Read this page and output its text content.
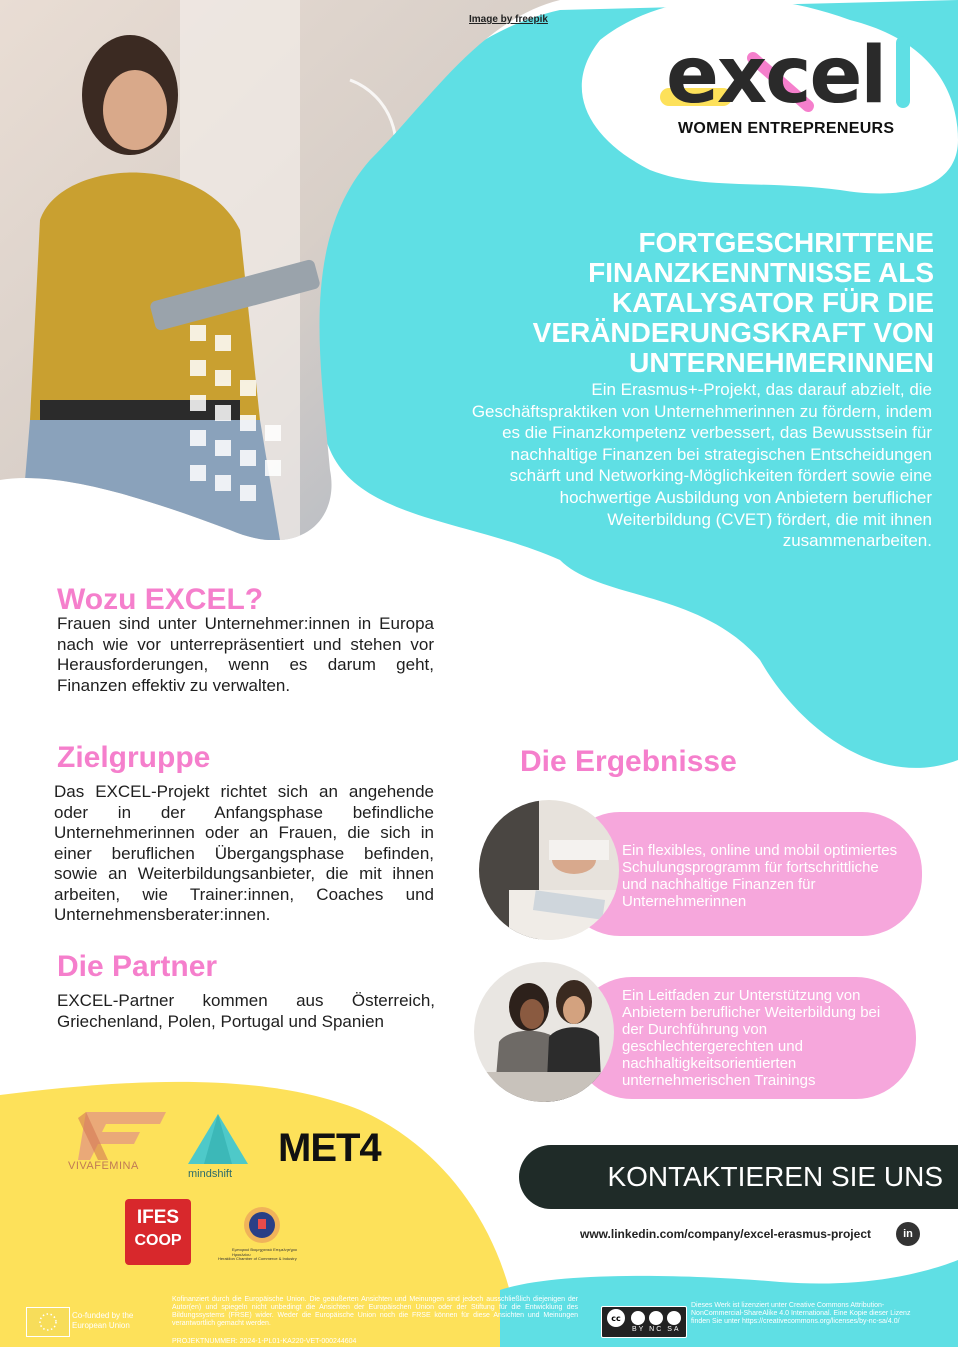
Image by freepik
excel
WOMEN ENTREPRENEURS
FORTGESCHRITTENE
FINANZKENNTNISSE ALS
KATALYSATOR FÜR DIE
VERÄNDERUNGSKRAFT VON
UNTERNEHMERINNEN
Ein Erasmus+-Projekt, das darauf abzielt, die Geschäftspraktiken von Unternehmerinnen zu fördern, indem es die Finanzkompetenz verbessert, das Bewusstsein für nachhaltige Finanzen bei strategischen Entscheidungen schärft und Networking-Möglichkeiten fördert sowie eine hochwertige Ausbildung von Anbietern beruflicher Weiterbildung (CVET) fördert, die mit ihnen zusammenarbeiten.
Wozu EXCEL?
Frauen sind unter Unternehmer:innen in Europa nach wie vor unterrepräsentiert und stehen vor Herausforderungen, wenn es darum geht, Finanzen effektiv zu verwalten.
Zielgruppe
Das EXCEL-Projekt richtet sich an angehende oder in der Anfangsphase befindliche Unternehmerinnen oder an Frauen, die sich in einer beruflichen Übergangsphase befinden, sowie an Weiterbildungsanbieter, die mit ihnen arbeiten, wie Trainer:innen, Coaches und Unternehmensberater:innen.
Die Partner
EXCEL-Partner kommen aus Österreich, Griechenland, Polen, Portugal und Spanien
Die Ergebnisse
Ein flexibles, online und mobil optimiertes Schulungsprogramm für fortschrittliche und nachhaltige Finanzen für Unternehmerinnen
Ein Leitfaden zur Unterstützung von Anbietern beruflicher Weiterbildung bei der Durchführung von geschlechtergerechten und nachhaltigkeitsorientierten unternehmerischen Trainings
KONTAKTIEREN SIE UNS
www.linkedin.com/company/excel-erasmus-project	in
VIVAFEMINA
mindshift
MET4
IFES
COOP
Εμπορικό Βιομηχανικό Επιμελητήριο Ηρακλείου
Heraklion Chamber of Commerce & Industry
Co-funded by the European Union
Kofinanziert durch die Europäische Union. Die geäußerten Ansichten und Meinungen sind jedoch ausschließlich diejenigen der Autor(en) und spiegeln nicht unbedingt die Ansichten der Europäischen Union oder der Stiftung für die Entwicklung des Bildungssystems (FRSE) wider. Weder die Europäische Union noch die FRSE können für diese Ansichten und Meinungen verantwortlich gemacht werden.
PROJEKTNUMMER: 2024-1-PL01-KA220-VET-000244604
cc
BY NC SA
Dieses Werk ist lizenziert unter Creative Commons Attribution-NonCommercial-ShareAlike 4.0 International. Eine Kopie dieser Lizenz finden Sie unter https://creativecommons.org/licenses/by-nc-sa/4.0/
